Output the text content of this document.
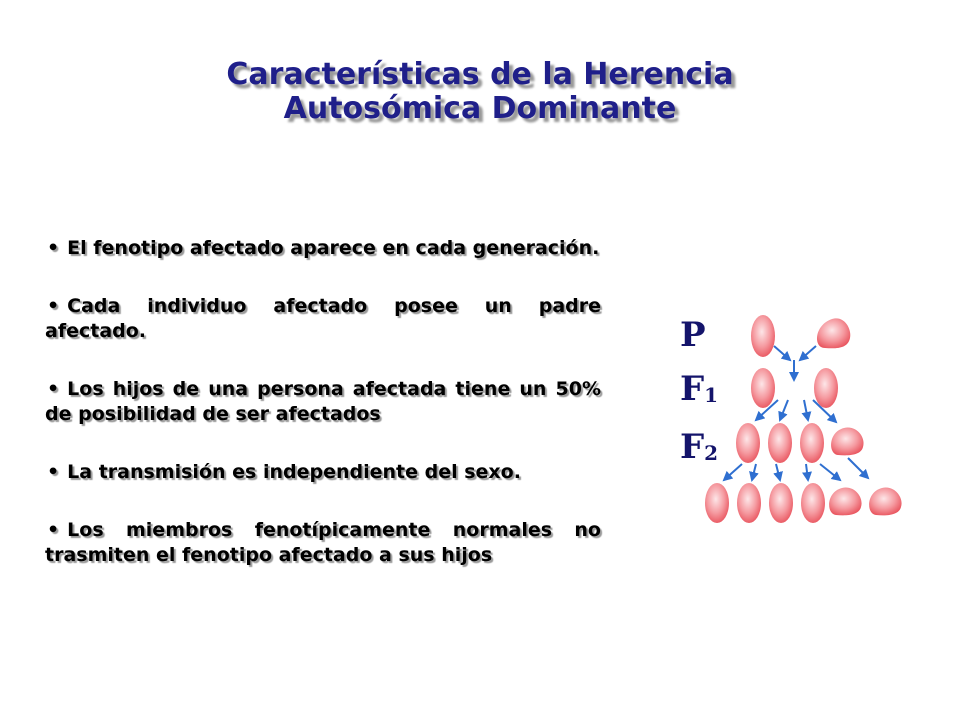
Características de la Herencia
Autosómica Dominante
• El fenotipo afectado aparece en cada generación.
• Cada individuo afectado posee un padre afectado.
• Los hijos de una persona afectada tiene un 50% de posibilidad de ser afectados
• La transmisión es independiente del sexo.
• Los miembros fenotípicamente normales no trasmiten el fenotipo afectado a sus hijos
P
F1
F2
